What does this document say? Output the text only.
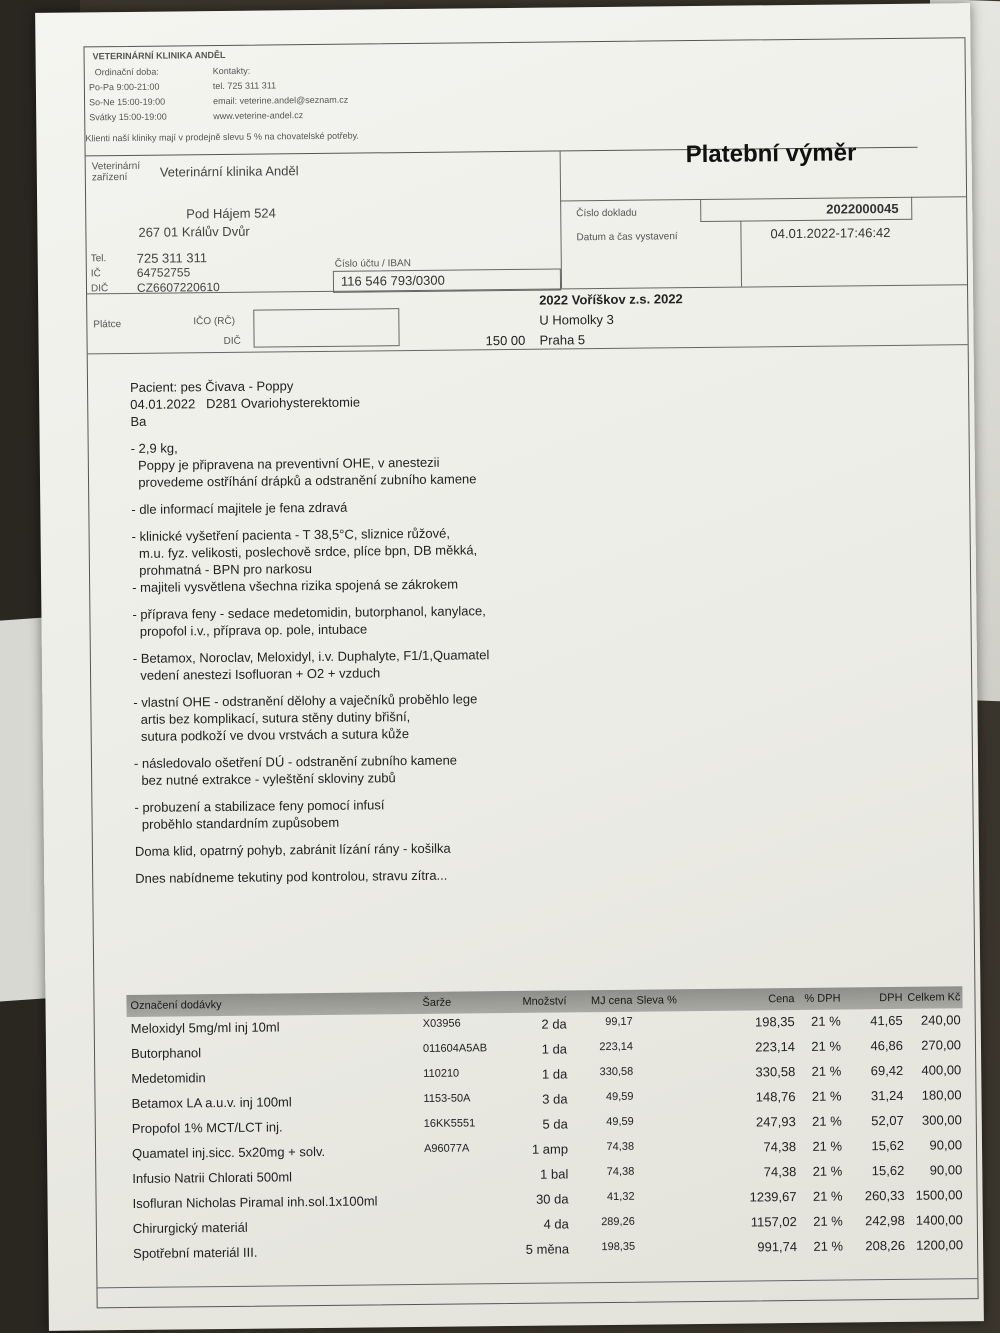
VETERINÁRNÍ KLINIKA ANDĚL
Ordinační doba:	Kontakty:
Po-Pa 9:00-21:00
So-Ne 15:00-19:00
Svátky 15:00-19:00
tel. 725 311 311
email: veterine.andel@seznam.cz
www.veterine-andel.cz
Klienti naší kliniky mají v prodejně slevu 5 % na chovatelské potřeby.
Veterinární zařízení	Veterinární klinika Anděl
Pod Hájem 524
267 01 Králův Dvůr
Tel. 725 311 311
IČ	64752755
DIČ CZ6607220610
Číslo účtu / IBAN
116 546 793/0300
Platební výměr
Číslo dokladu	2022000045
Datum a čas vystavení	04.01.2022-17:46:42
Plátce	IČO (RČ)
DIČ
2022 Voříškov z.s. 2022
U Homolky 3
150 00 Praha 5

Pacient: pes Čivava - Poppy

04.01.2022   D281 Ovariohysterektomie

Ba

- 2,9 kg,

Poppy je připravena na preventivní OHE, v anestezii

provedeme ostříhání drápků a odstranění zubního kamene

- dle informací majitele je fena zdravá

- klinické vyšetření pacienta - T 38,5°C, sliznice růžové,

m.u. fyz. velikosti, poslechově srdce, plíce bpn, DB měkká,

prohmatná - BPN pro narkosu

- majiteli vysvětlena všechna rizika spojená se zákrokem

- příprava feny - sedace medetomidin, butorphanol, kanylace,

propofol i.v., příprava op. pole, intubace

- Betamox, Noroclav, Meloxidyl, i.v. Duphalyte, F1/1,Quamatel

vedení anestezi Isofluoran + O2 + vzduch

- vlastní OHE - odstranění dělohy a vaječníků proběhlo lege

artis bez komplikací, sutura stěny dutiny břišní,

sutura podkoží ve dvou vrstvách a sutura kůže

- následovalo ošetření DÚ - odstranění zubního kamene

bez nutné extrakce - vyleštění skloviny zubů

- probuzení a stabilizace feny pomocí infusí

proběhlo standardním zupůsobem

Doma klid, opatrný pohyb, zabránit lízání rány - košilka

Dnes nabídneme tekutiny pod kontrolou, stravu zítra...

Označení dodávky	Šarže	Množství	MJ cena Sleva %	Cena % DPH	DPH Celkem Kč
Meloxidyl 5mg/ml inj 10ml	X03956	2 da	99,17	198,35	21 %	41,65	240,00
Butorphanol	011604A5AB	1 da	223,14	223,14	21 %	46,86	270,00
Medetomidin	110210	1 da	330,58	330,58	21 %	69,42	400,00
Betamox LA a.u.v. inj 100ml	1153-50A	3 da	49,59	148,76	21 %	31,24	180,00
Propofol 1% MCT/LCT inj.	16KK5551	5 da	49,59	247,93	21 %	52,07	300,00
Quamatel inj.sicc. 5x20mg + solv.	A96077A	1 amp	74,38	74,38	21 %	15,62	90,00
Infusio Natrii Chlorati 500ml	1 bal	74,38	74,38	21 %	15,62	90,00
Isofluran Nicholas Piramal inh.sol.1x100ml	30 da	41,32	1239,67	21 %	260,33 1500,00
Chirurgický materiál	4 da	289,26	1157,02	21 %	242,98 1400,00
Spotřební materiál III.	5 měna	198,35	991,74	21 %	208,26 1200,00
